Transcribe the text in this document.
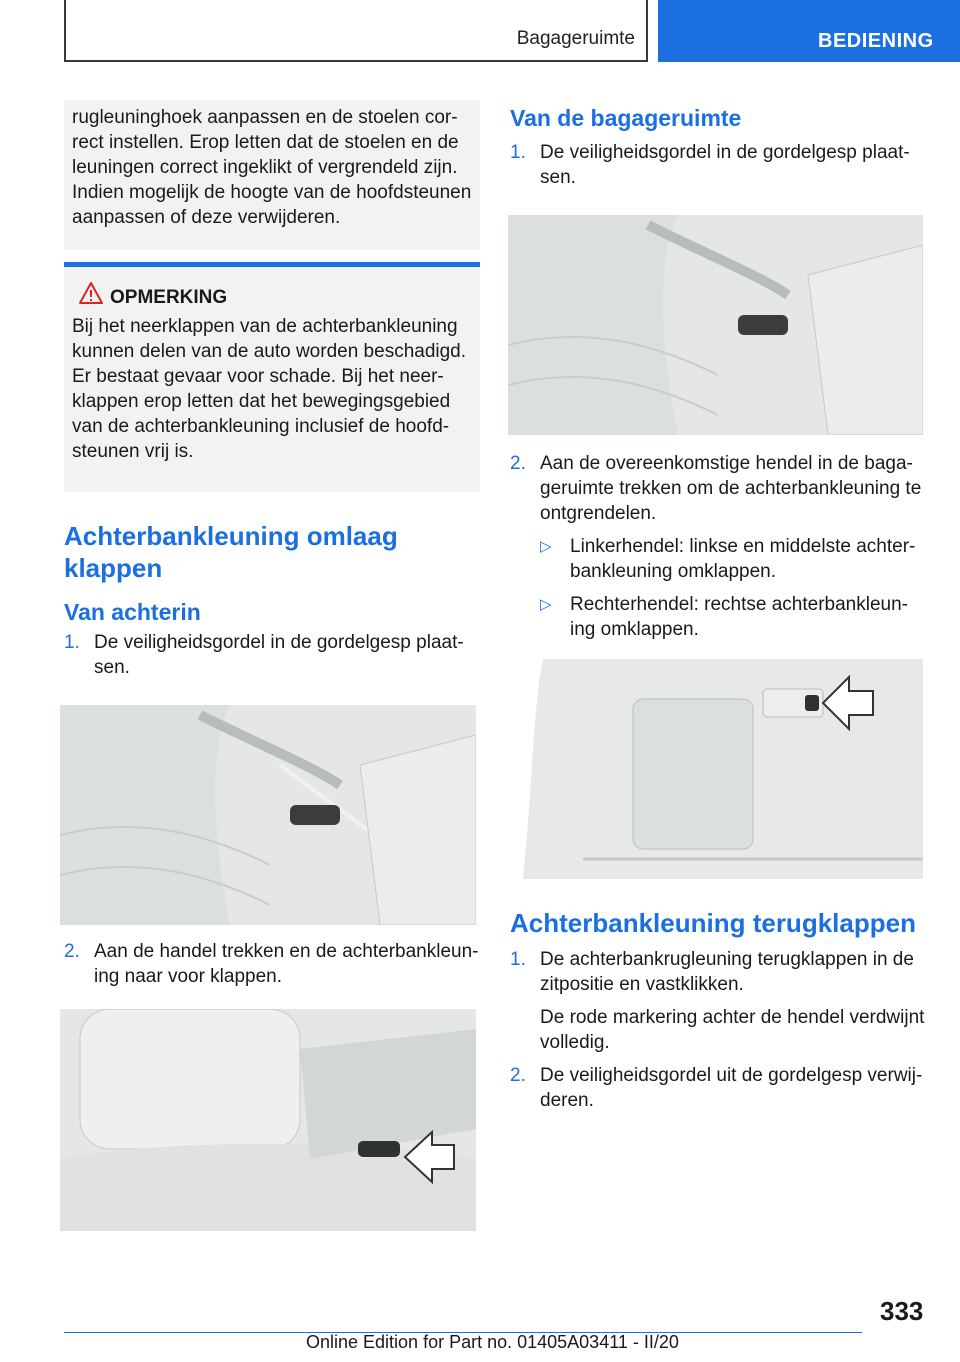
Bagageruimte	BEDIENING

rugleuninghoek aanpassen en de stoelen cor-rect instellen. Erop letten dat de stoelen en de leuningen correct ingeklikt of vergrendeld zijn. Indien mogelijk de hoogte van de hoofdsteunen aanpassen of deze verwijderen.

OPMERKING

Bij het neerklappen van de achterbankleuning kunnen delen van de auto worden beschadigd. Er bestaat gevaar voor schade. Bij het neer-klappen erop letten dat het bewegingsgebied van de achterbankleuning inclusief de hoofd-steunen vrij is.

Achterbankleuning omlaag klappen
Van achterin

1. De veiligheidsgordel in de gordelgesp plaat-sen.

2. Aan de handel trekken en de achterbankleun-ing naar voor klappen.

Van de bagageruimte

1. De veiligheidsgordel in de gordelgesp plaat-sen.

2. Aan de overeenkomstige hendel in de baga-geruimte trekken om de achterbankleuning te ontgrendelen.

▷ Linkerhendel: linkse en middelste achter-bankleuning omklappen.

▷ Rechterhendel: rechtse achterbankleun-ing omklappen.

Achterbankleuning terugklappen

1. De achterbankrugleuning terugklappen in de zitpositie en vastklikken.

De rode markering achter de hendel verdwijnt volledig.

2. De veiligheidsgordel uit de gordelgesp verwij-deren.

333
Online Edition for Part no. 01405A03411 - II/20
